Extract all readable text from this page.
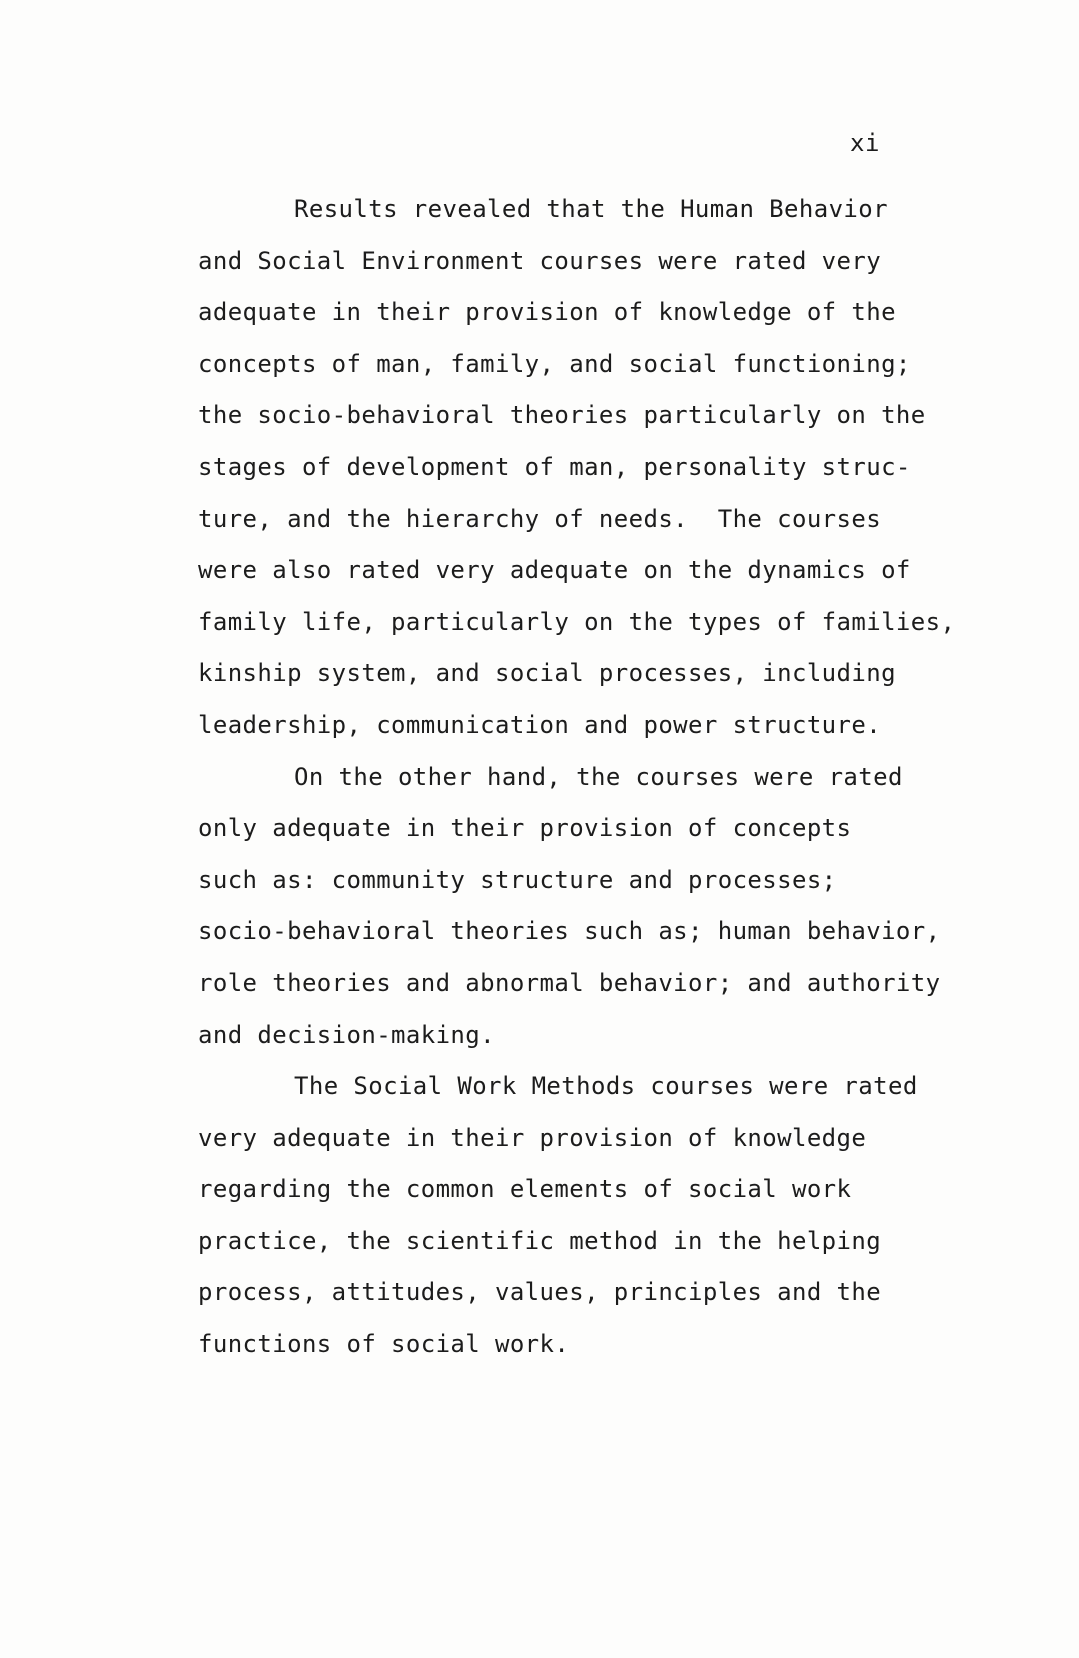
xi

Results revealed that the Human Behavior
and Social Environment courses were rated very
adequate in their provision of knowledge of the
concepts of man, family, and social functioning;
the socio-behavioral theories particularly on the
stages of development of man, personality struc-
ture, and the hierarchy of needs.  The courses
were also rated very adequate on the dynamics of
family life, particularly on the types of families,
kinship system, and social processes, including
leadership, communication and power structure.
On the other hand, the courses were rated
only adequate in their provision of concepts
such as: community structure and processes;
socio-behavioral theories such as; human behavior,
role theories and abnormal behavior; and authority
and decision-making.
The Social Work Methods courses were rated
very adequate in their provision of knowledge
regarding the common elements of social work
practice, the scientific method in the helping
process, attitudes, values, principles and the
functions of social work.
